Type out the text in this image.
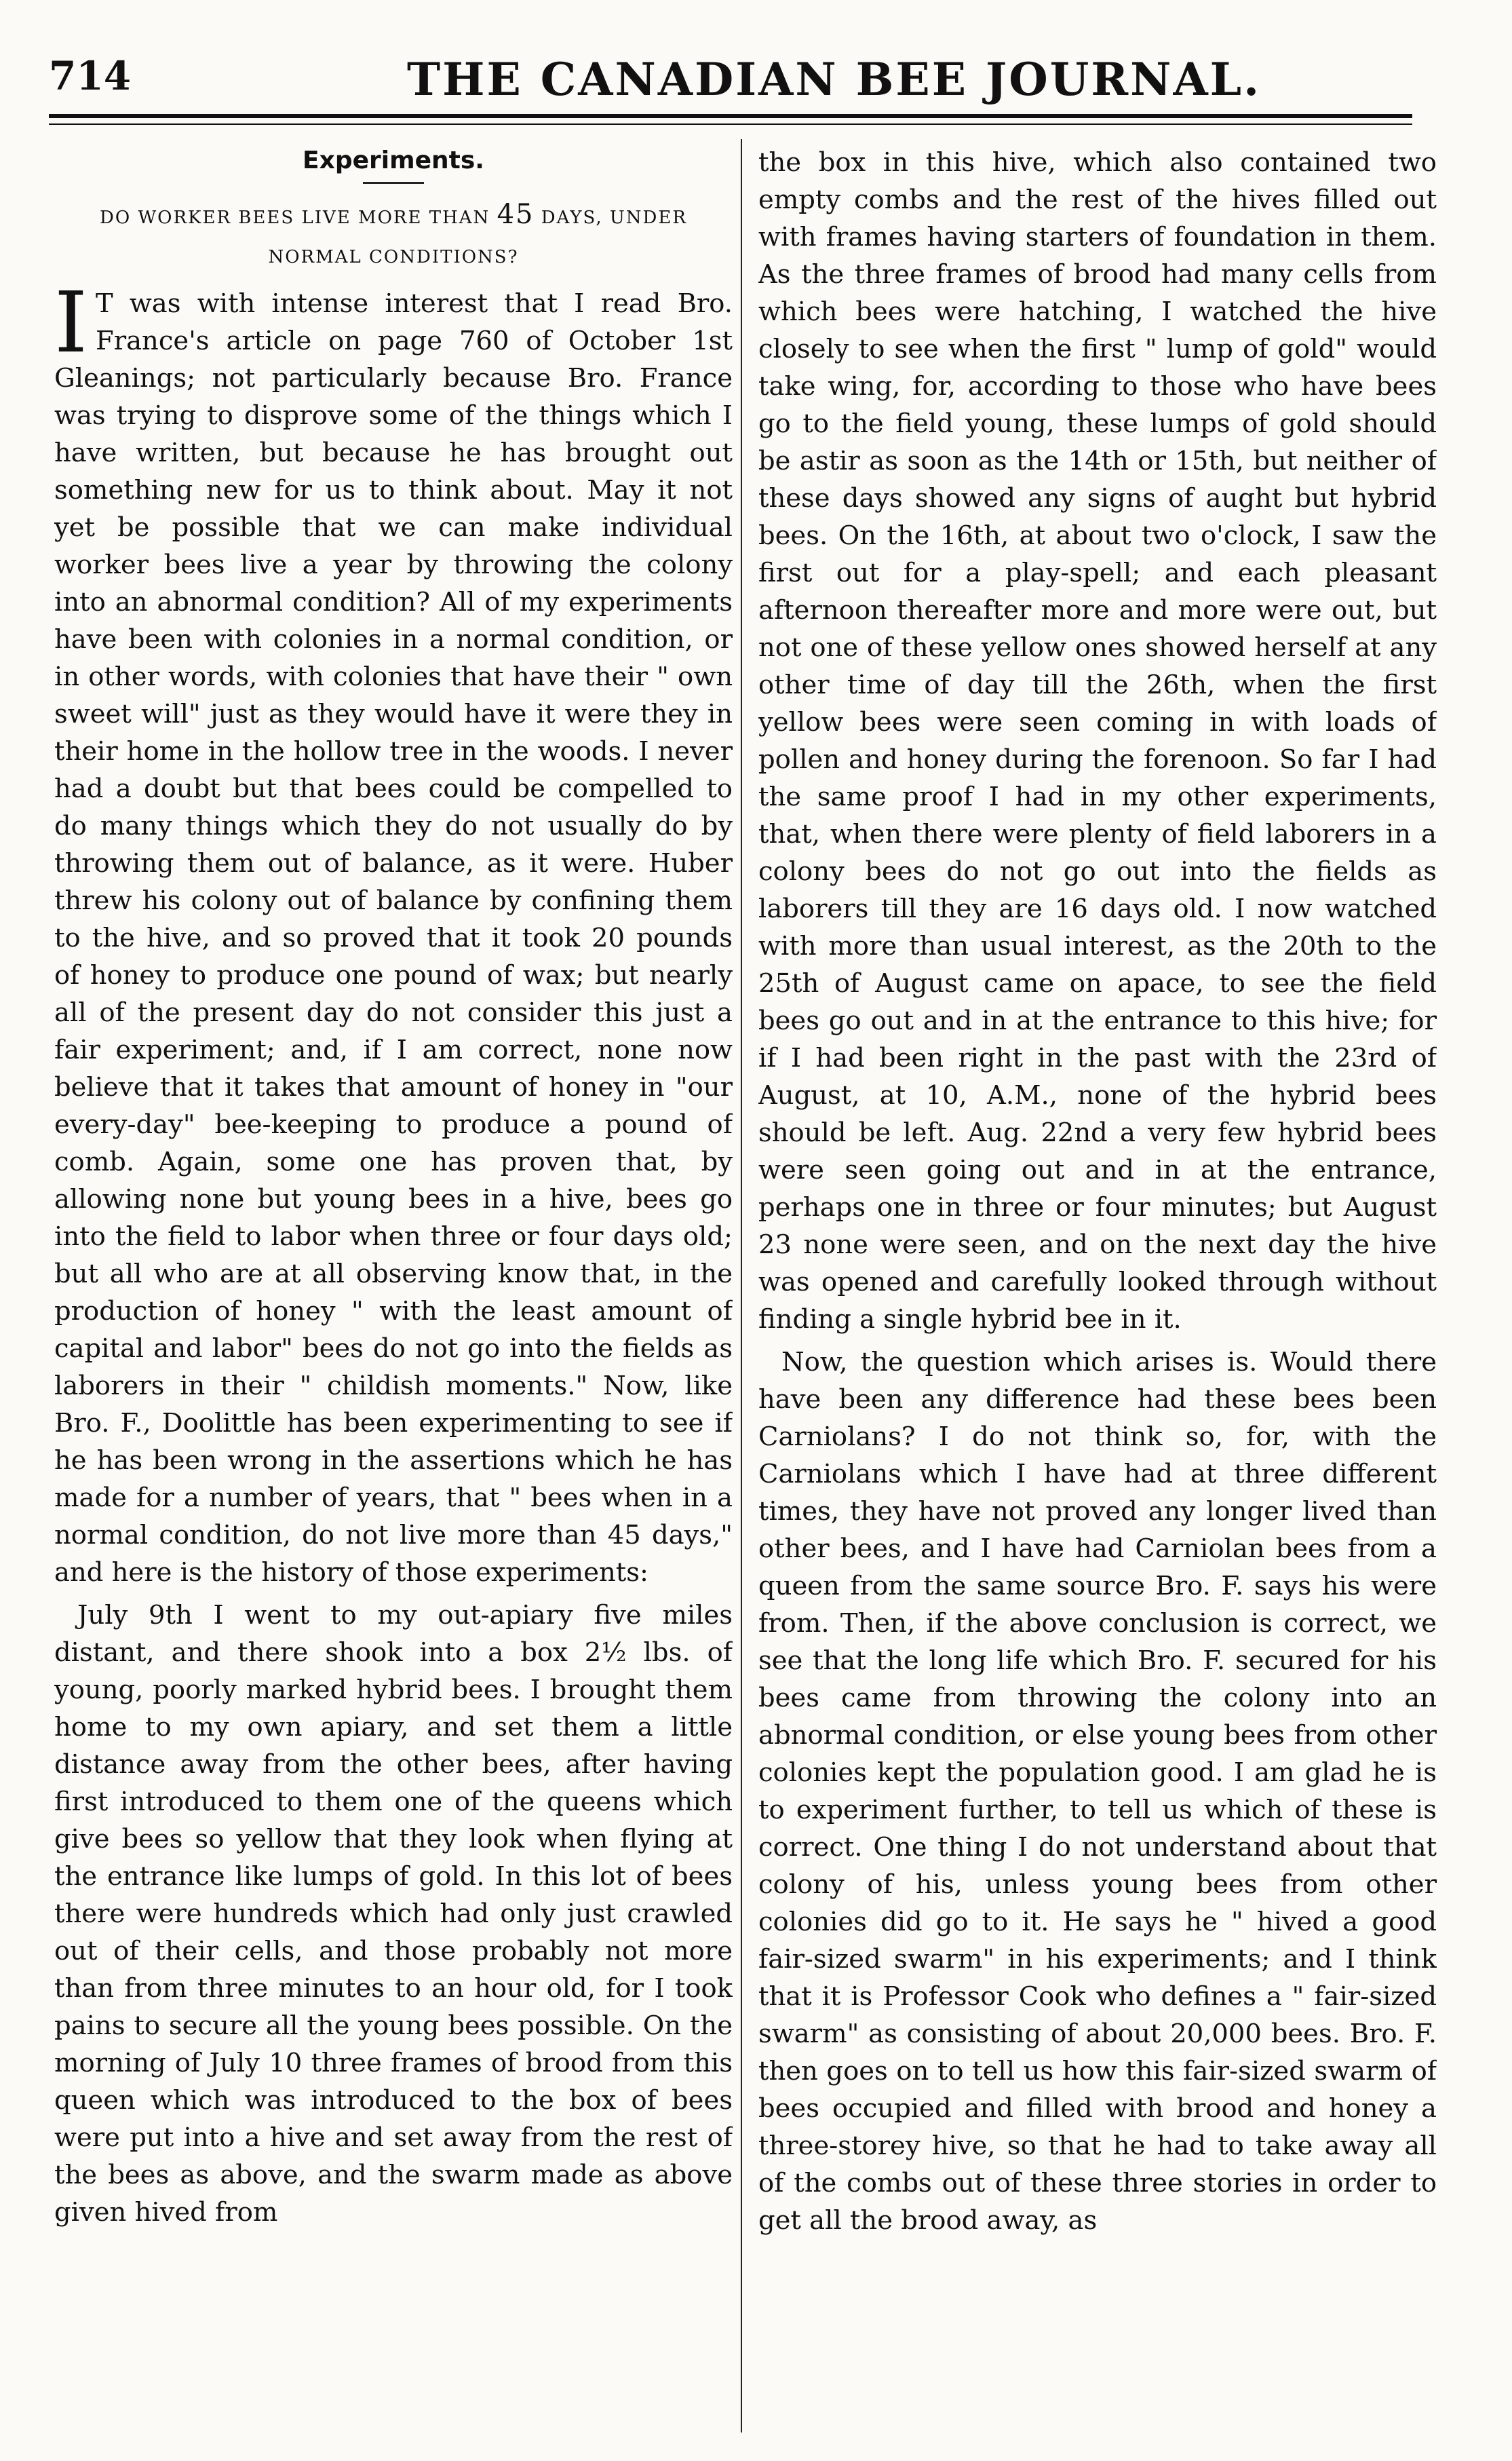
714	THE CANADIAN BEE JOURNAL.
Experiments.
DO WORKER BEES LIVE MORE THAN 45 DAYS, UNDER NORMAL CONDITIONS?

I T was with intense interest that I read Bro. France's article on page 760 of October 1st Gleanings; not particularly because Bro. France was trying to disprove some of the things which I have written, but because he has brought out something new for us to think about. May it not yet be possible that we can make individual worker bees live a year by throwing the colony into an abnormal condition? All of my experiments have been with colonies in a normal condition, or in other words, with colonies that have their " own sweet will" just as they would have it were they in their home in the hollow tree in the woods. I never had a doubt but that bees could be compelled to do many things which they do not usually do by throwing them out of balance, as it were. Huber threw his colony out of balance by confining them to the hive, and so proved that it took 20 pounds of honey to produce one pound of wax; but nearly all of the present day do not consider this just a fair experiment; and, if I am correct, none now believe that it takes that amount of honey in "our every-day" bee-keeping to produce a pound of comb. Again, some one has proven that, by allowing none but young bees in a hive, bees go into the field to labor when three or four days old; but all who are at all observing know that, in the production of honey " with the least amount of capital and labor" bees do not go into the fields as laborers in their " childish moments." Now, like Bro. F., Doolittle has been experimenting to see if he has been wrong in the assertions which he has made for a number of years, that " bees when in a normal condition, do not live more than 45 days," and here is the history of those experiments:

July 9th I went to my out-apiary five miles distant, and there shook into a box 2½ lbs. of young, poorly marked hybrid bees. I brought them home to my own apiary, and set them a little distance away from the other bees, after having first introduced to them one of the queens which give bees so yellow that they look when flying at the entrance like lumps of gold. In this lot of bees there were hundreds which had only just crawled out of their cells, and those probably not more than from three minutes to an hour old, for I took pains to secure all the young bees possible. On the morning of July 10 three frames of brood from this queen which was introduced to the box of bees were put into a hive and set away from the rest of the bees as above, and the swarm made as above given hived from

the box in this hive, which also contained two empty combs and the rest of the hives filled out with frames having starters of foundation in them. As the three frames of brood had many cells from which bees were hatching, I watched the hive closely to see when the first " lump of gold" would take wing, for, according to those who have bees go to the field young, these lumps of gold should be astir as soon as the 14th or 15th, but neither of these days showed any signs of aught but hybrid bees. On the 16th, at about two o'clock, I saw the first out for a play-spell; and each pleasant afternoon thereafter more and more were out, but not one of these yellow ones showed herself at any other time of day till the 26th, when the first yellow bees were seen coming in with loads of pollen and honey during the forenoon. So far I had the same proof I had in my other experiments, that, when there were plenty of field laborers in a colony bees do not go out into the fields as laborers till they are 16 days old. I now watched with more than usual interest, as the 20th to the 25th of August came on apace, to see the field bees go out and in at the entrance to this hive; for if I had been right in the past with the 23rd of August, at 10, A.M., none of the hybrid bees should be left. Aug. 22nd a very few hybrid bees were seen going out and in at the entrance, perhaps one in three or four minutes; but August 23 none were seen, and on the next day the hive was opened and carefully looked through without finding a single hybrid bee in it.

Now, the question which arises is. Would there have been any difference had these bees been Carniolans? I do not think so, for, with the Carniolans which I have had at three different times, they have not proved any longer lived than other bees, and I have had Carniolan bees from a queen from the same source Bro. F. says his were from. Then, if the above conclusion is correct, we see that the long life which Bro. F. secured for his bees came from throwing the colony into an abnormal condition, or else young bees from other colonies kept the population good. I am glad he is to experiment further, to tell us which of these is correct. One thing I do not understand about that colony of his, unless young bees from other colonies did go to it. He says he " hived a good fair-sized swarm" in his experiments; and I think that it is Professor Cook who defines a " fair-sized swarm" as consisting of about 20,000 bees. Bro. F. then goes on to tell us how this fair-sized swarm of bees occupied and filled with brood and honey a three-storey hive, so that he had to take away all of the combs out of these three stories in order to get all the brood away, as
